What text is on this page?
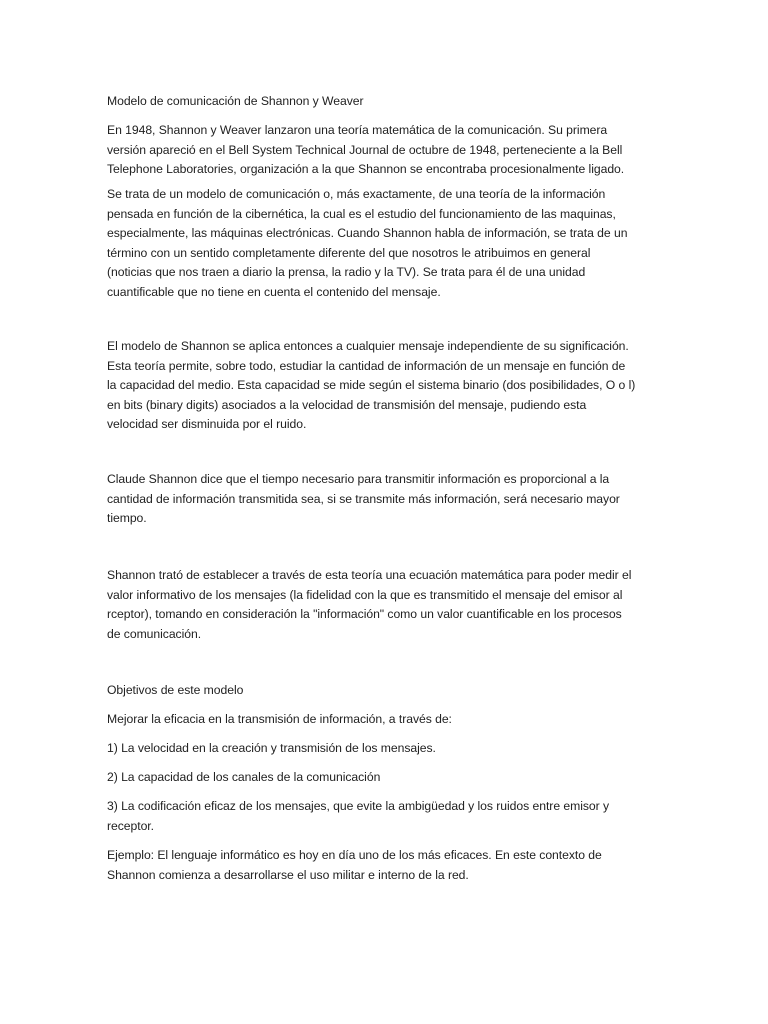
Modelo de comunicación de Shannon y Weaver

En 1948, Shannon y Weaver lanzaron una teoría matemática de la comunicación. Su primera
versión apareció en el Bell System Technical Journal de octubre de 1948, perteneciente a la Bell
Telephone Laboratories, organización a la que Shannon se encontraba procesionalmente ligado.

Se trata de un modelo de comunicación o, más exactamente, de una teoría de la información
pensada en función de la cibernética, la cual es el estudio del funcionamiento de las maquinas,
especialmente, las máquinas electrónicas. Cuando Shannon habla de información, se trata de un
término con un sentido completamente diferente del que nosotros le atribuimos en general
(noticias que nos traen a diario la prensa, la radio y la TV). Se trata para él de una unidad
cuantificable que no tiene en cuenta el contenido del mensaje.

El modelo de Shannon se aplica entonces a cualquier mensaje independiente de su significación.
Esta teoría permite, sobre todo, estudiar la cantidad de información de un mensaje en función de
la capacidad del medio. Esta capacidad se mide según el sistema binario (dos posibilidades, O o l)
en bits (binary digits) asociados a la velocidad de transmisión del mensaje, pudiendo esta
velocidad ser disminuida por el ruido.

Claude Shannon dice que el tiempo necesario para transmitir información es proporcional a la
cantidad de información transmitida sea, si se transmite más información, será necesario mayor
tiempo.

Shannon trató de establecer a través de esta teoría una ecuación matemática para poder medir el
valor informativo de los mensajes (la fidelidad con la que es transmitido el mensaje del emisor al
rceptor), tomando en consideración la "información" como un valor cuantificable en los procesos
de comunicación.

Objetivos de este modelo

Mejorar la eficacia en la transmisión de información, a través de:

1) La velocidad en la creación y transmisión de los mensajes.

2) La capacidad de los canales de la comunicación

3) La codificación eficaz de los mensajes, que evite la ambigüedad y los ruidos entre emisor y
receptor.

Ejemplo: El lenguaje informático es hoy en día uno de los más eficaces. En este contexto de
Shannon comienza a desarrollarse el uso militar e interno de la red.
